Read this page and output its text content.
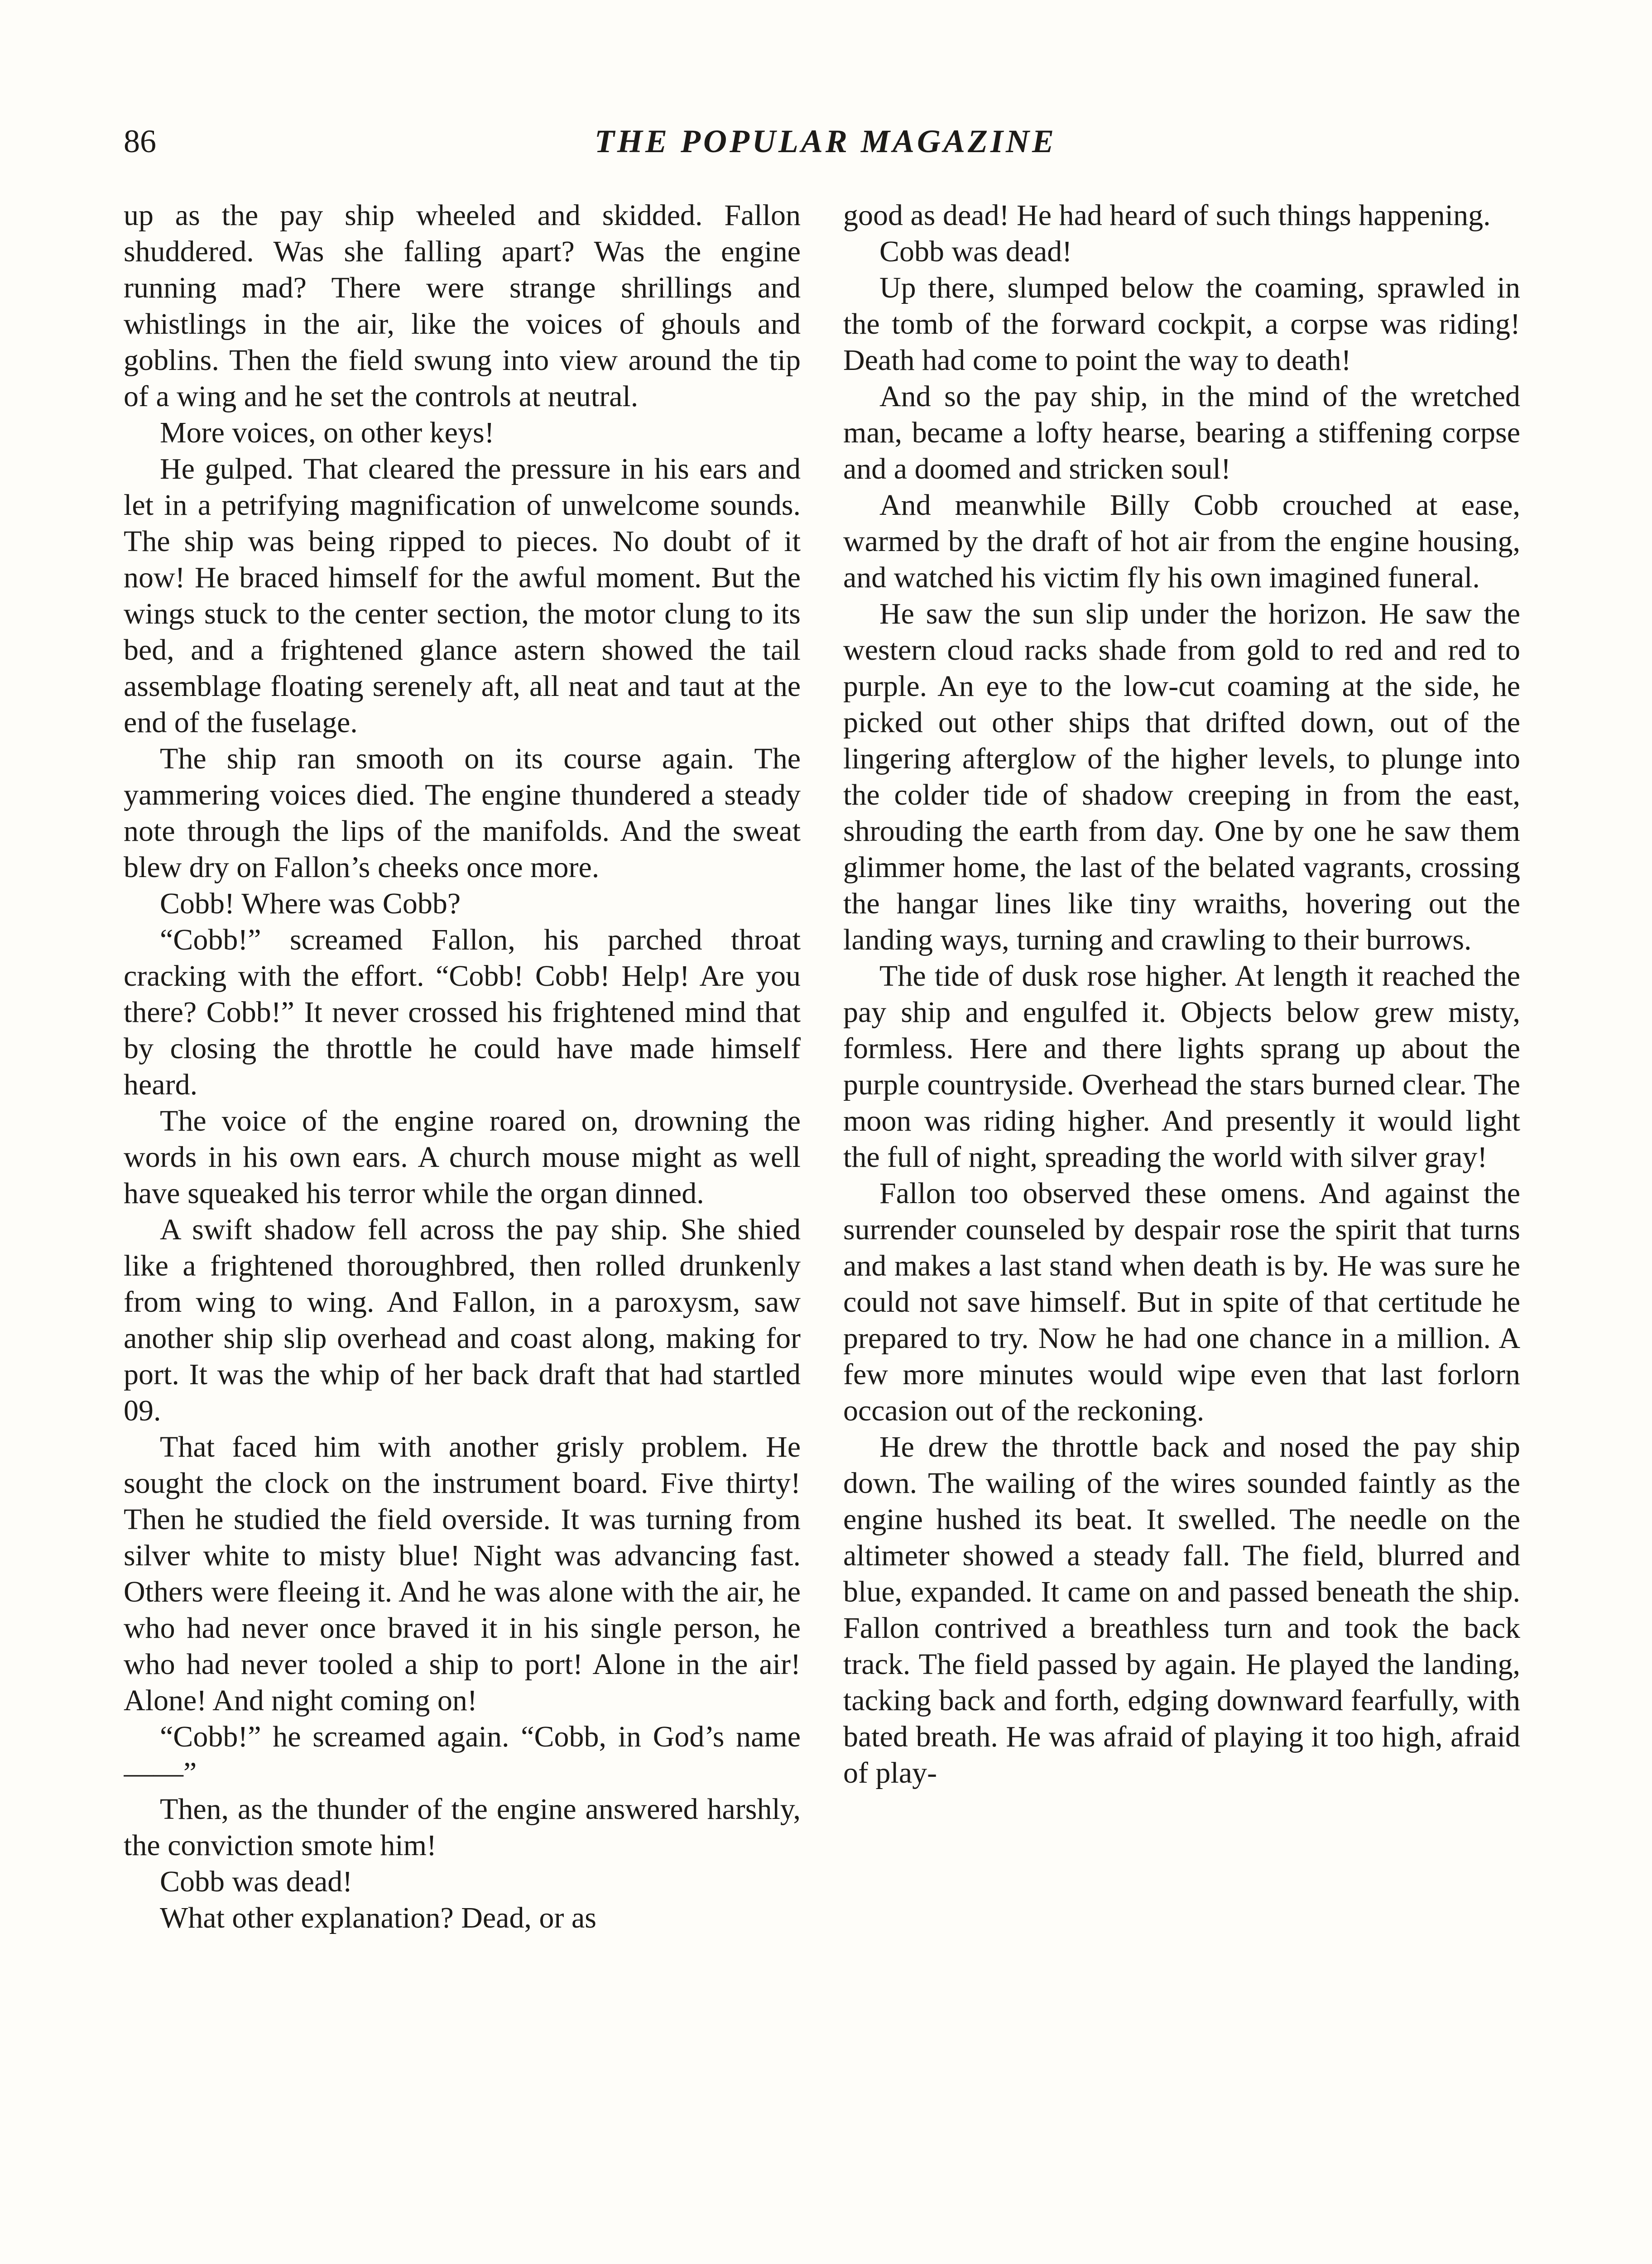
86	THE POPULAR MAGAZINE

up as the pay ship wheeled and skidded. Fallon shuddered. Was she falling apart? Was the engine running mad? There were strange shrillings and whistlings in the air, like the voices of ghouls and goblins. Then the field swung into view around the tip of a wing and he set the controls at neutral.

More voices, on other keys!

He gulped. That cleared the pressure in his ears and let in a petrifying magnification of unwelcome sounds. The ship was being ripped to pieces. No doubt of it now! He braced himself for the awful moment. But the wings stuck to the center section, the motor clung to its bed, and a frightened glance astern showed the tail assemblage floating serenely aft, all neat and taut at the end of the fuselage.

The ship ran smooth on its course again. The yammering voices died. The engine thundered a steady note through the lips of the manifolds. And the sweat blew dry on Fallon’s cheeks once more.

Cobb! Where was Cobb?

“Cobb!” screamed Fallon, his parched throat cracking with the effort. “Cobb! Cobb! Help! Are you there? Cobb!” It never crossed his frightened mind that by closing the throttle he could have made himself heard.

The voice of the engine roared on, drowning the words in his own ears. A church mouse might as well have squeaked his terror while the organ dinned.

A swift shadow fell across the pay ship. She shied like a frightened thoroughbred, then rolled drunkenly from wing to wing. And Fallon, in a paroxysm, saw another ship slip overhead and coast along, making for port. It was the whip of her back draft that had startled 09.

That faced him with another grisly problem. He sought the clock on the instrument board. Five thirty! Then he studied the field overside. It was turning from silver white to misty blue! Night was advancing fast. Others were fleeing it. And he was alone with the air, he who had never once braved it in his single person, he who had never tooled a ship to port! Alone in the air! Alone! And night coming on!

“Cobb!” he screamed again. “Cobb, in God’s name——”

Then, as the thunder of the engine answered harshly, the conviction smote him!

Cobb was dead!

What other explanation? Dead, or as

good as dead! He had heard of such things happening.

Cobb was dead!

Up there, slumped below the coaming, sprawled in the tomb of the forward cockpit, a corpse was riding! Death had come to point the way to death!

And so the pay ship, in the mind of the wretched man, became a lofty hearse, bearing a stiffening corpse and a doomed and stricken soul!

And meanwhile Billy Cobb crouched at ease, warmed by the draft of hot air from the engine housing, and watched his victim fly his own imagined funeral.

He saw the sun slip under the horizon. He saw the western cloud racks shade from gold to red and red to purple. An eye to the low-cut coaming at the side, he picked out other ships that drifted down, out of the lingering afterglow of the higher levels, to plunge into the colder tide of shadow creeping in from the east, shrouding the earth from day. One by one he saw them glimmer home, the last of the belated vagrants, crossing the hangar lines like tiny wraiths, hovering out the landing ways, turning and crawling to their burrows.

The tide of dusk rose higher. At length it reached the pay ship and engulfed it. Objects below grew misty, formless. Here and there lights sprang up about the purple countryside. Overhead the stars burned clear. The moon was riding higher. And presently it would light the full of night, spreading the world with silver gray!

Fallon too observed these omens. And against the surrender counseled by despair rose the spirit that turns and makes a last stand when death is by. He was sure he could not save himself. But in spite of that certitude he prepared to try. Now he had one chance in a million. A few more minutes would wipe even that last forlorn occasion out of the reckoning.

He drew the throttle back and nosed the pay ship down. The wailing of the wires sounded faintly as the engine hushed its beat. It swelled. The needle on the altimeter showed a steady fall. The field, blurred and blue, expanded. It came on and passed beneath the ship. Fallon contrived a breathless turn and took the back track. The field passed by again. He played the landing, tacking back and forth, edging downward fearfully, with bated breath. He was afraid of playing it too high, afraid of play-
